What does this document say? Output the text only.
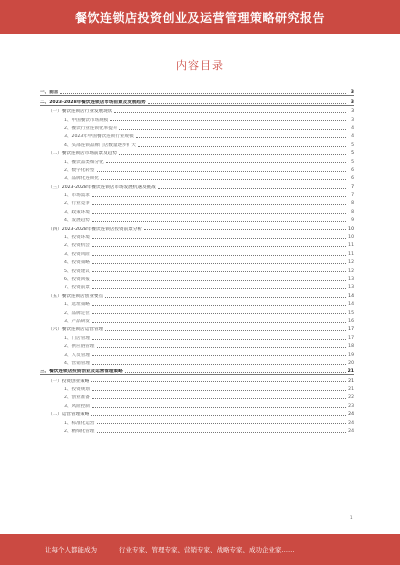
餐饮连锁店投资创业及运营管理策略研究报告
内容目录
一、前言	3
二、2023-2028年餐饮连锁店市场前景及发展趋势	3
（一）餐饮连锁店行业发展现状	3
1、中国餐饮市场规模	3
2、餐饮行业连锁化率提升	4
3、2023年中国餐饮连锁行业规模	4
4、头部连锁品牌门店数量逐步扩大	5
（二）餐饮连锁店市场前景及趋势	5
1、餐饮品类细分化	5
2、数字化转型	6
3、品牌化连锁化	6
（三）2023-2028年餐饮连锁店市场发展机遇及挑战	7
1、市场需求	7
2、行业竞争	8
3、政策环境	8
4、发展趋势	9
（四）2023-2028年餐饮连锁店投资前景分析	10
1、投资环境	10
2、投资机会	11
3、投资风险	11
4、投资策略	12
5、投资建议	12
6、投资回报	13
7、投资前景	13
（五）餐饮连锁店创业要点	14
1、选址策略	14
2、品牌定位	15
3、产品研发	16
（六）餐饮连锁店运营管理	17
1、门店管理	17
2、供应链管理	18
3、人员管理	19
4、营销管理	20
三、餐饮连锁店投资创业及运营管理策略	21
（一）投资创业策略	21
1、投资规划	21
2、创业准备	22
3、风险控制	23
（二）运营管理策略	24
1、标准化运营	24
2、精细化管理	24
1
让每个人都能成为	行业专家、管理专家、营销专家、战略专家、成功企业家……
